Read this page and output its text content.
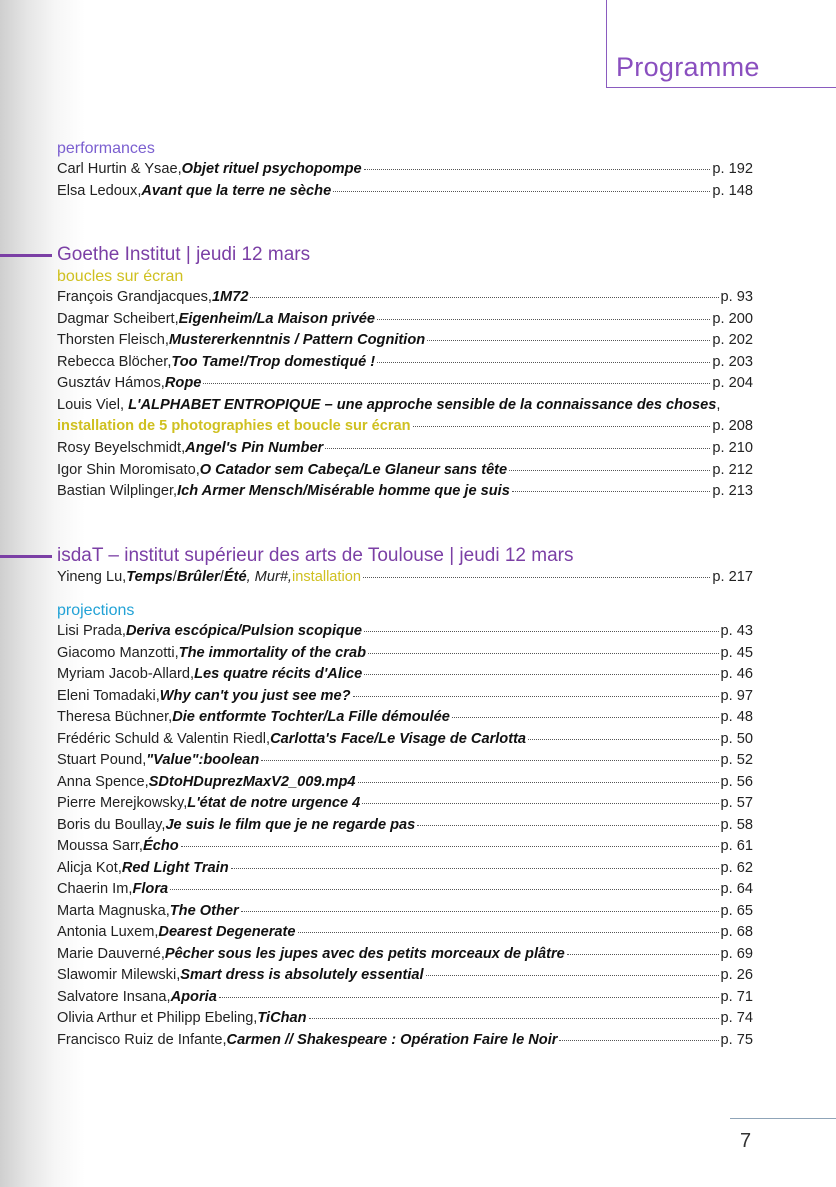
Programme
performances
Carl Hurtin & Ysae, Objet rituel psychopompe	p. 192
Elsa Ledoux, Avant que la terre ne sèche	p. 148
Goethe Institut | jeudi 12 mars
boucles sur écran
François Grandjacques, 1M72	p. 93
Dagmar Scheibert, Eigenheim/La Maison privée	p. 200
Thorsten Fleisch, Mustererkenntnis / Pattern Cognition	p. 202
Rebecca Blöcher, Too Tame!/Trop domestiqué !	p. 203
Gusztáv Hámos, Rope	p. 204
Louis Viel, L'ALPHABET ENTROPIQUE – une approche sensible de la connaissance des choses,
installation de 5 photographies et boucle sur écran	p. 208
Rosy Beyelschmidt, Angel's Pin Number	p. 210
Igor Shin Moromisato, O Catador sem Cabeça/Le Glaneur sans tête	p. 212
Bastian Wilplinger, Ich Armer Mensch/Misérable homme que je suis	p. 213
isdaT – institut supérieur des arts de Toulouse | jeudi 12 mars
Yineng Lu, Temps / Brûler / Été , Mur#, installation	p. 217
projections
Lisi Prada, Deriva escópica/Pulsion scopique	p. 43
Giacomo Manzotti, The immortality of the crab	p. 45
Myriam Jacob-Allard, Les quatre récits d'Alice	p. 46
Eleni Tomadaki, Why can't you just see me?	p. 97
Theresa Büchner, Die entformte Tochter/La Fille démoulée	p. 48
Frédéric Schuld & Valentin Riedl, Carlotta's Face/Le Visage de Carlotta	p. 50
Stuart Pound, "Value":boolean	p. 52
Anna Spence, SDtoHDuprezMaxV2_009.mp4	p. 56
Pierre Merejkowsky, L'état de notre urgence 4	p. 57
Boris du Boullay, Je suis le film que je ne regarde pas	p. 58
Moussa Sarr, Écho	p. 61
Alicja Kot, Red Light Train	p. 62
Chaerin Im, Flora	p. 64
Marta Magnuska, The Other	p. 65
Antonia Luxem, Dearest Degenerate	p. 68
Marie Dauverné, Pêcher sous les jupes avec des petits morceaux de plâtre	p. 69
Slawomir Milewski, Smart dress is absolutely essential	p. 26
Salvatore Insana, Aporia	p. 71
Olivia Arthur et Philipp Ebeling, TiChan	p. 74
Francisco Ruiz de Infante, Carmen // Shakespeare : Opération Faire le Noir	p. 75
7
